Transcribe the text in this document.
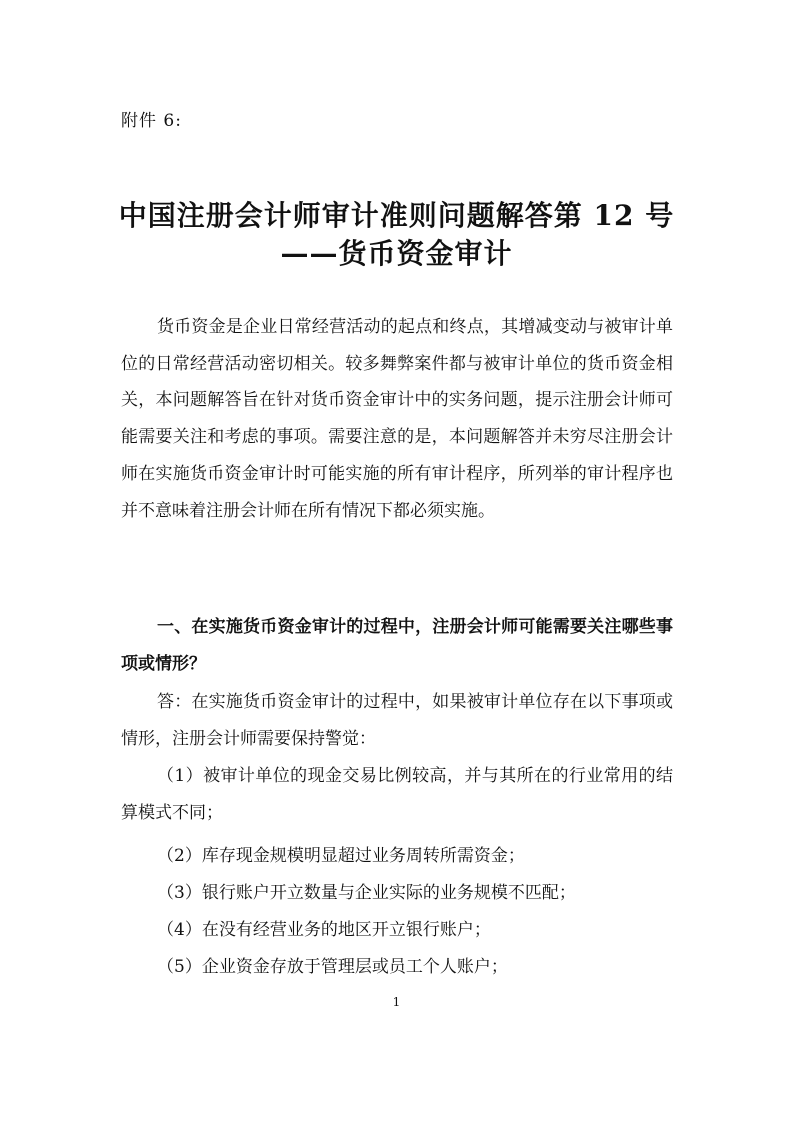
附件 6:
中国注册会计师审计准则问题解答第 12 号
——货币资金审计

货币资金是企业日常经营活动的起点和终点，其增减变动与被审计单位的日常经营活动密切相关。较多舞弊案件都与被审计单位的货币资金相关，本问题解答旨在针对货币资金审计中的实务问题，提示注册会计师可能需要关注和考虑的事项。需要注意的是，本问题解答并未穷尽注册会计师在实施货币资金审计时可能实施的所有审计程序，所列举的审计程序也并不意味着注册会计师在所有情况下都必须实施。

一、在实施货币资金审计的过程中，注册会计师可能需要关注哪些事项或情形？

答：在实施货币资金审计的过程中，如果被审计单位存在以下事项或情形，注册会计师需要保持警觉：

（1）被审计单位的现金交易比例较高，并与其所在的行业常用的结算模式不同；

（2）库存现金规模明显超过业务周转所需资金；
（3）银行账户开立数量与企业实际的业务规模不匹配；
（4）在没有经营业务的地区开立银行账户；
（5）企业资金存放于管理层或员工个人账户；
1
